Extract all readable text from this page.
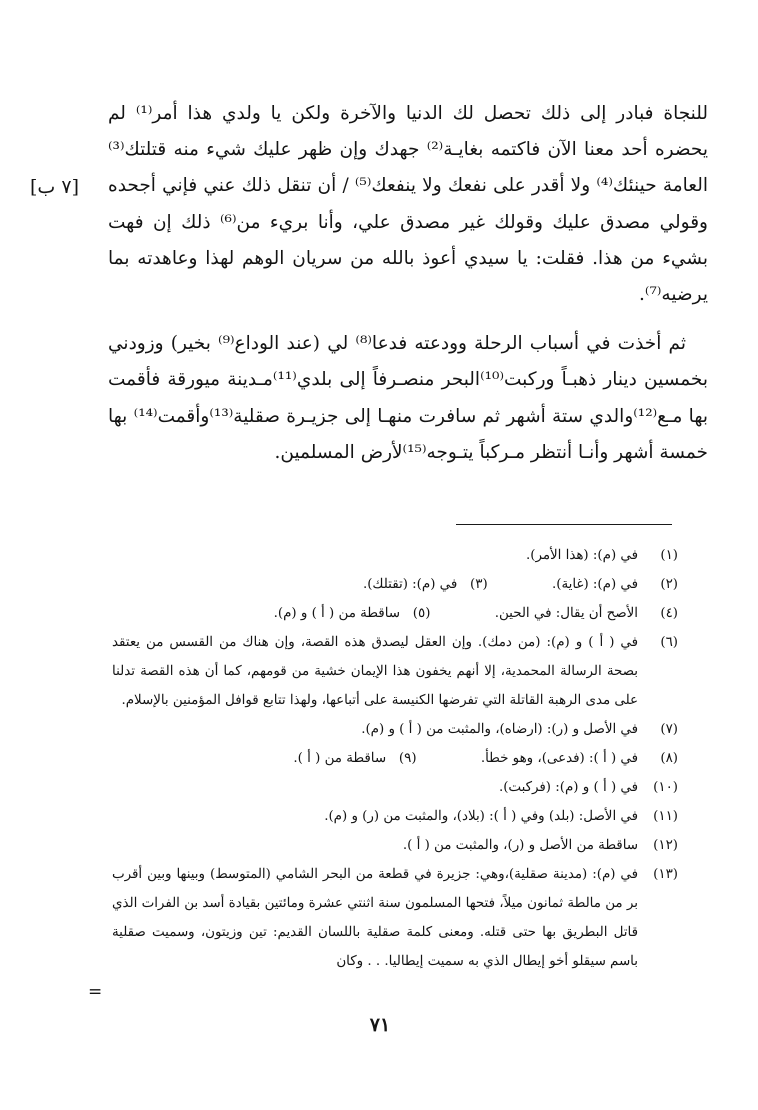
[٧ ب]

للنجاة فبادر إلى ذلك تحصل لك الدنيا والآخرة ولكن يا ولدي هذا أمر⁽¹⁾ لم يحضره أحد معنا الآن فاكتمه بغايـة⁽²⁾ جهدك وإن ظهر عليك شيء منه قتلتك⁽³⁾ العامة حينئك⁽⁴⁾ ولا أقدر على نفعك ولا ينفعك⁽⁵⁾ / أن تنقل ذلك عني فإني أجحده وقولي مصدق عليك وقولك غير مصدق علي، وأنا بريء من⁽⁶⁾ ذلك إن فهت بشيء من هذا. فقلت: يا سيدي أعوذ بالله من سريان الوهم لهذا وعاهدته بما يرضيه⁽⁷⁾.

ثم أخذت في أسباب الرحلة وودعته فدعا⁽⁸⁾ لي (عند الوداع⁽⁹⁾ بخير) وزودني بخمسين دينار ذهبـاً وركبت⁽¹⁰⁾البحر منصـرفاً إلى بلدي⁽¹¹⁾مـدينة ميورقة فأقمت بها مـع⁽¹²⁾والدي ستة أشهر ثم سافرت منهـا إلى جزيـرة صقلية⁽¹³⁾وأقمت⁽¹⁴⁾ بها خمسة أشهر وأنـا أنتظر مـركباً يتـوجه⁽¹⁵⁾لأرض المسلمين.

(١)
في (م): (هذا الأمر).
(٢)
في (م): (غاية). (٣)   في (م): (تقتلك).
(٤)
الأصح أن يقال: في الحين. (٥)   ساقطة من ( أ ) و (م).
(٦)
في ( أ ) و (م): (من دمك). وإن العقل ليصدق هذه القصة، وإن هناك من القسس من يعتقد بصحة الرسالة المحمدية، إلا أنهم يخفون هذا الإيمان خشية من قومهم، كما أن هذه القصة تدلنا على مدى الرهبة القاتلة التي تفرضها الكنيسة على أتباعها، ولهذا تتابع قوافل المؤمنين بالإسلام.
(٧)
في الأصل و (ر): (ارضاه)، والمثبت من ( أ ) و (م).
(٨)
في ( أ ): (فدعى)، وهو خطأ. (٩)   ساقطة من ( أ ).
(١٠)
في ( أ ) و (م): (فركبت).
(١١)
في الأصل: (بلد) وفي ( أ ): (بلاد)، والمثبت من (ر) و (م).
(١٢)
ساقطة من الأصل و (ر)، والمثبت من ( أ ).
(١٣)
في (م): (مدينة صقلية)،وهي: جزيرة في قطعة من البحر الشامي (المتوسط) وبينها وبين أقرب بر من مالطة ثمانون ميلاً، فتحها المسلمون سنة اثنتي عشرة ومائتين بقيادة أسد بن الفرات الذي قاتل البطريق بها حتى قتله. ومعنى كلمة صقلية باللسان القديم: تين وزيتون، وسميت صقلية باسم سيقلو أخو إيطال الذي به سميت إيطاليا. . . وكان
=
٧١
